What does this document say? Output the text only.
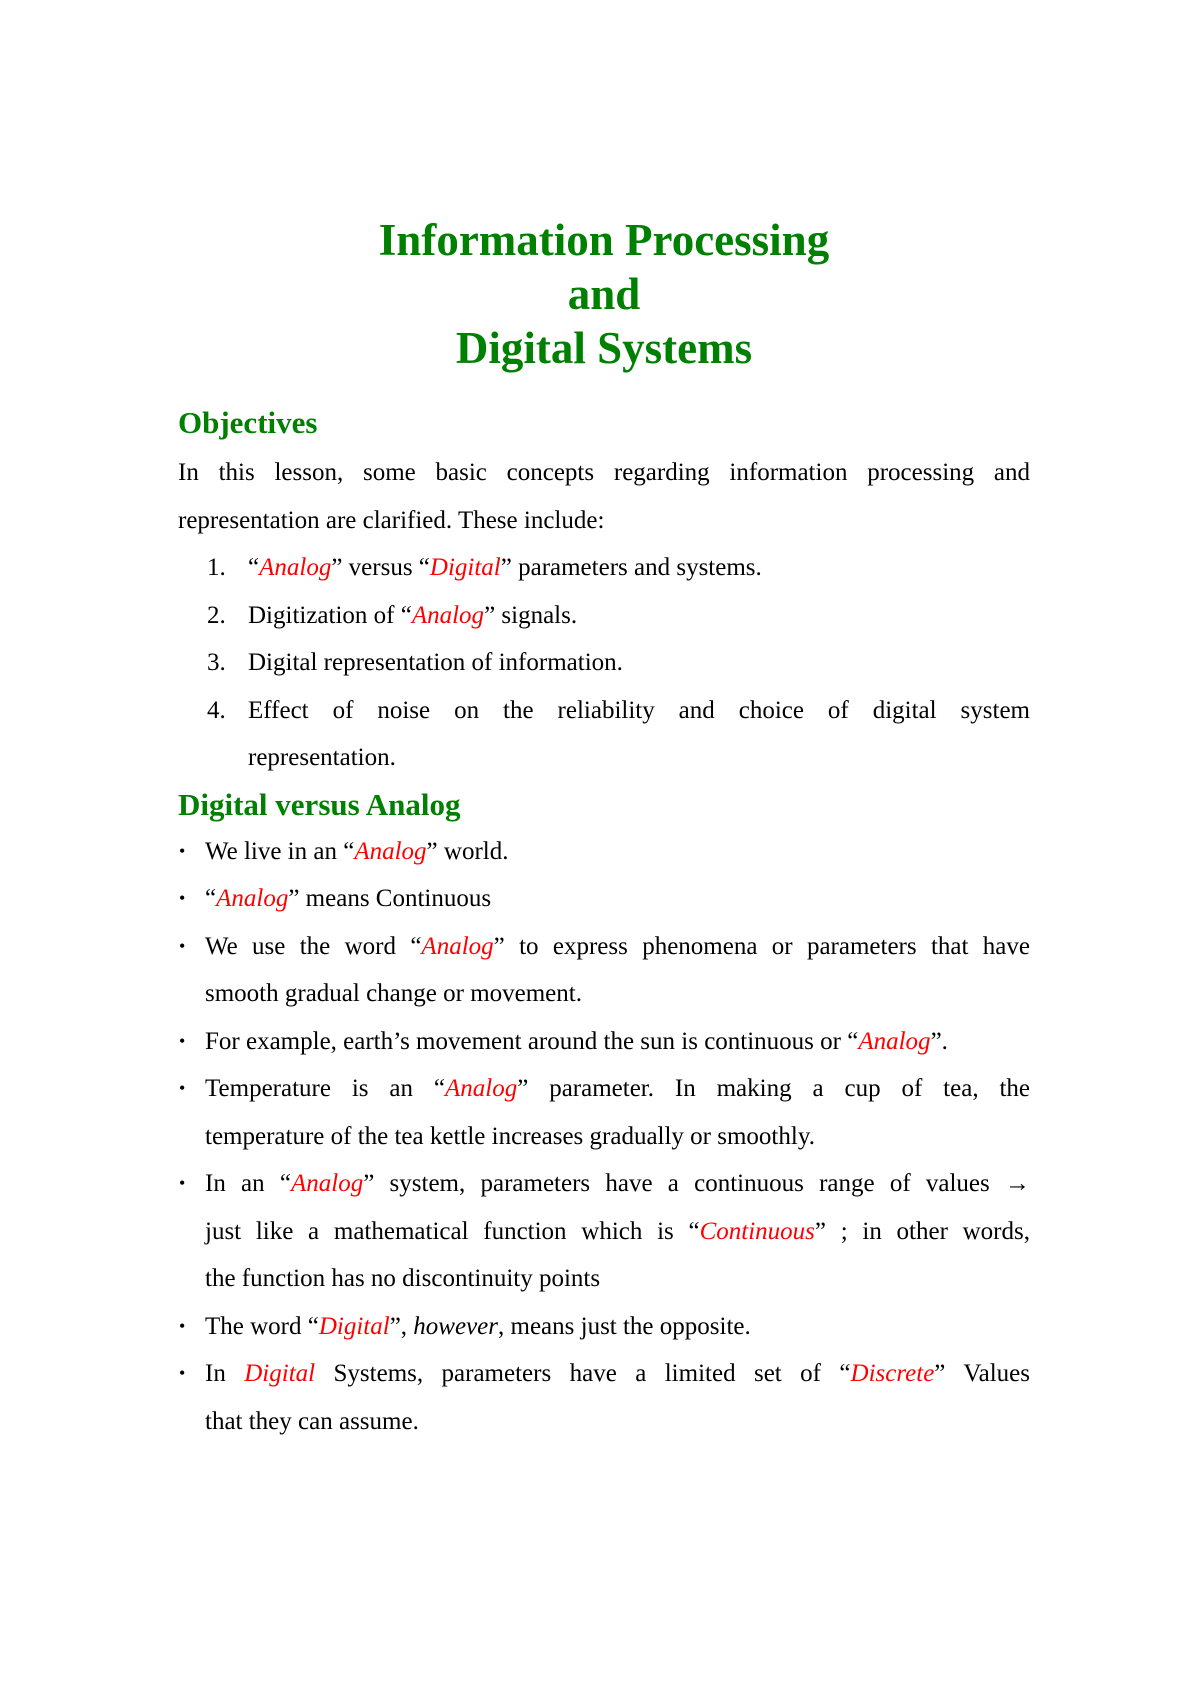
Information Processing
and
Digital Systems
Objectives

In this lesson, some basic concepts regarding information processing and
representation are clarified. These include:

1. “Analog” versus “Digital” parameters and systems.
2. Digitization of “Analog” signals.
3. Digital representation of information.
4. Effect of noise on the reliability and choice of digital system
representation.
Digital versus Analog
• We live in an “Analog” world.
• “Analog” means Continuous
• We use the word “Analog” to express phenomena or parameters that have
smooth gradual change or movement.
• For example, earth’s movement around the sun is continuous or “Analog”.
• Temperature is an “Analog” parameter. In making a cup of tea, the
temperature of the tea kettle increases gradually or smoothly.
• In an “Analog” system, parameters have a continuous range of values →
just like a mathematical function which is “Continuous” ; in other words,
the function has no discontinuity points
• The word “Digital”, however, means just the opposite.
• In Digital Systems, parameters have a limited set of “Discrete” Values
that they can assume.
